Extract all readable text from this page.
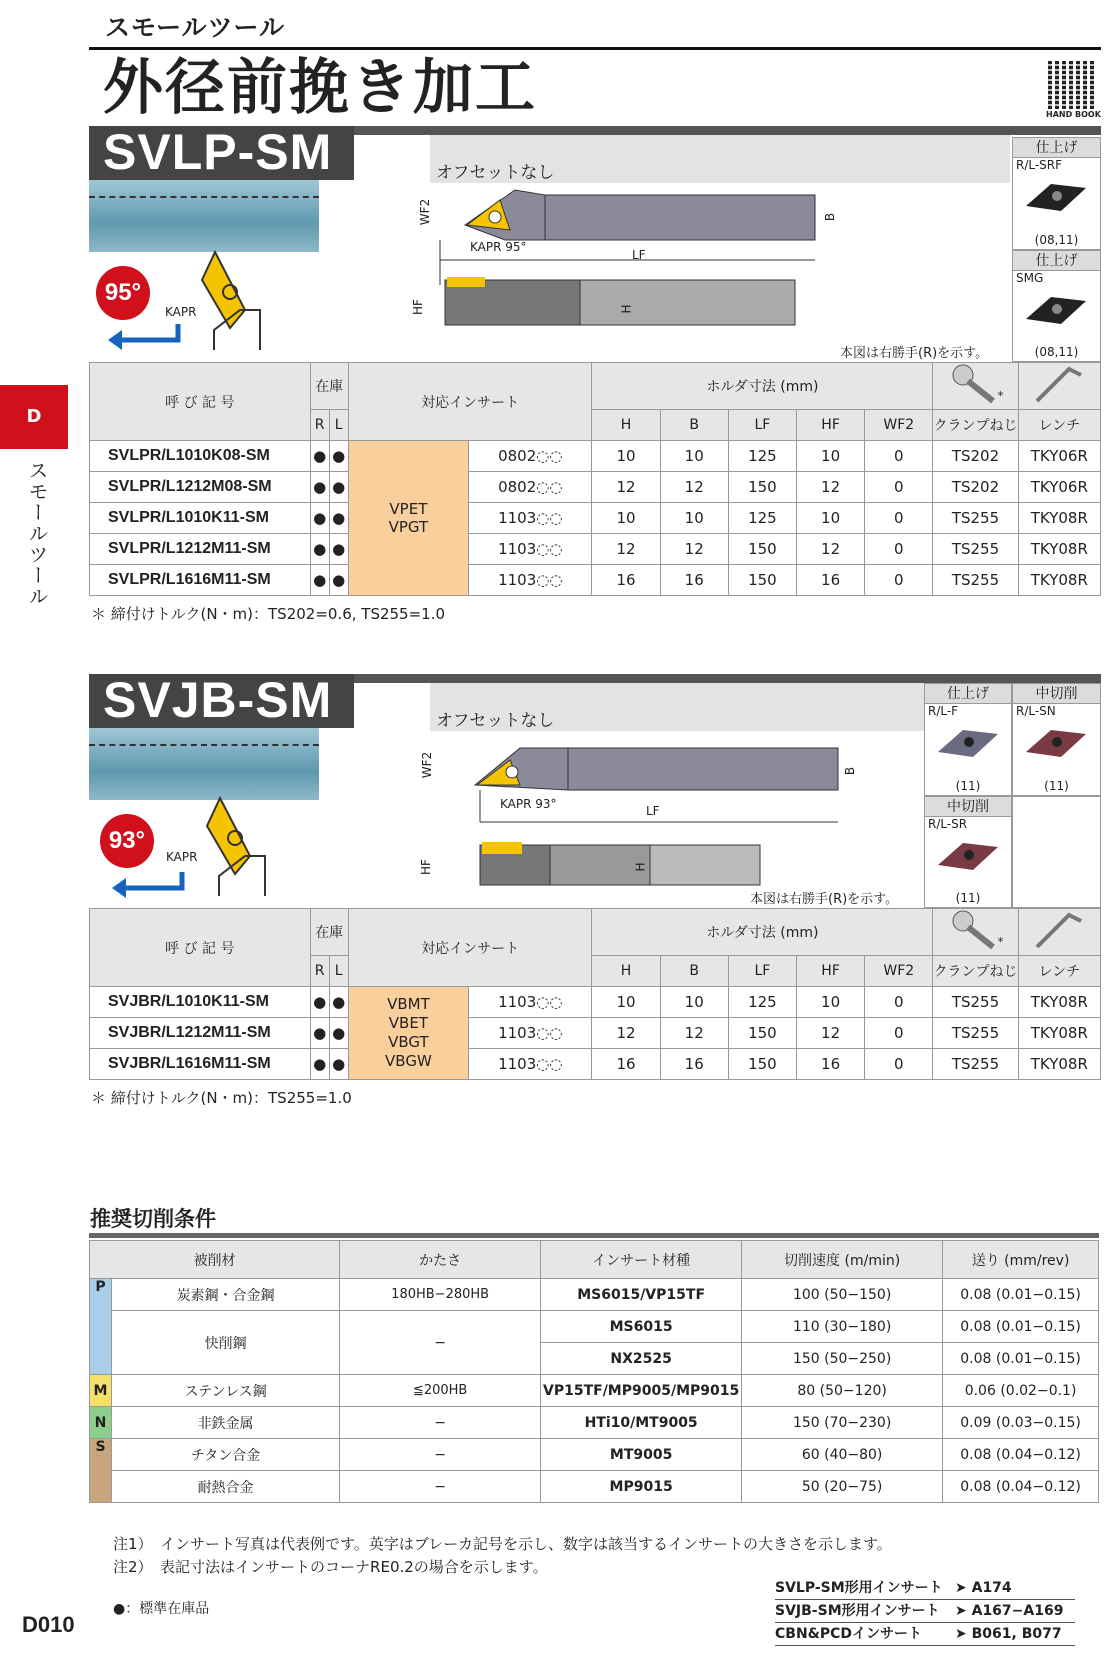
スモールツール
外径前挽き加工	HAND BOOK
D
スモールツール
SVLP-SM	オフセットなし
95°
KAPR
WF2
KAPR 95°
LF
B
HF	H
本図は右勝手(R)を示す。
仕上げ
R/L-SRF
(08,11)
仕上げ
SMG
(08,11)
呼 び 記 号	在庫		対応インサート		ホルダ寸法 (mm)					*	
	R	L			H	B	LF	HF	WF2	クランプねじ	レンチ
SVLPR/L1010K08-SM	●	●	VPET
VPGT	0802◌◌	10	10	125	10	0	TS202	TKY06R
SVLPR/L1212M08-SM	●	●		0802◌◌	12	12	150	12	0	TS202	TKY06R
SVLPR/L1010K11-SM	●	●		1103◌◌	10	10	125	10	0	TS255	TKY08R
SVLPR/L1212M11-SM	●	●		1103◌◌	12	12	150	12	0	TS255	TKY08R
SVLPR/L1616M11-SM	●	●		1103◌◌	16	16	150	16	0	TS255	TKY08R
＊ 締付けトルク(N・m)：TS202=0.6, TS255=1.0
SVJB-SM	オフセットなし
93°
KAPR
WF2
KAPR 93°	LF
B
HF	H
本図は右勝手(R)を示す。
仕上げ
R/L-F
(11)
中切削
R/L-SN
(11)
中切削
R/L-SR
(11)
呼 び 記 号	在庫		対応インサート		ホルダ寸法 (mm)					*	
	R	L			H	B	LF	HF	WF2	クランプねじ	レンチ
SVJBR/L1010K11-SM	●	●	VBMT
VBET
VBGT
VBGW	1103◌◌	10	10	125	10	0	TS255	TKY08R
SVJBR/L1212M11-SM	●	●		1103◌◌	12	12	150	12	0	TS255	TKY08R
SVJBR/L1616M11-SM	●	●		1103◌◌	16	16	150	16	0	TS255	TKY08R
＊ 締付けトルク(N・m)：TS255=1.0
推奨切削条件
被削材		かたさ	インサート材種	切削速度 (m/min)	送り (mm/rev)
P	炭素鋼・合金鋼	180HB−280HB	MS6015/VP15TF	100 (50−150)	0.08 (0.01−0.15)
	快削鋼	−	MS6015	110 (30−180)	0.08 (0.01−0.15)
			NX2525	150 (50−250)	0.08 (0.01−0.15)
M	ステンレス鋼	≦200HB	VP15TF/MP9005/MP9015	80 (50−120)	0.06 (0.02−0.1)
N	非鉄金属	−	HTi10/MT9005	150 (70−230)	0.09 (0.03−0.15)
S	チタン合金	−	MT9005	60 (40−80)	0.08 (0.04−0.12)
	耐熱合金	−	MP9015	50 (20−75)	0.08 (0.04−0.12)
注1）　インサート写真は代表例です。英字はブレーカ記号を示し、数字は該当するインサートの大きさを示します。
注2）　表記寸法はインサートのコーナRE0.2の場合を示します。
●：標準在庫品
SVLP-SM形用インサート ➤ A174
SVJB-SM形用インサート ➤ A167−A169
CBN&PCDインサート ➤ B061, B077
D010
